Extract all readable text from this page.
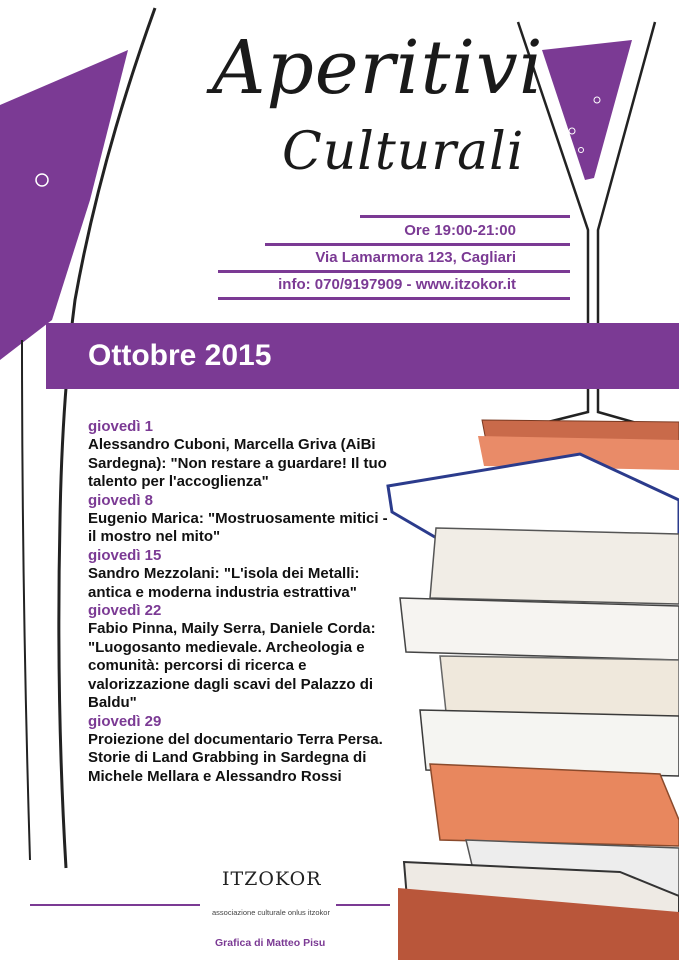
Aperitivi
Culturali
Ore 19:00-21:00
Via Lamarmora 123, Cagliari
info: 070/9197909 - www.itzokor.it
Ottobre 2015
giovedì 1
Alessandro Cuboni, Marcella Griva (AiBi Sardegna): "Non restare a guardare! Il tuo talento per l'accoglienza"
giovedì 8
Eugenio Marica: "Mostruosamente mitici - il mostro nel mito"
giovedì 15
Sandro Mezzolani: "L'isola dei Metalli: antica e moderna industria estrattiva"
giovedì 22
Fabio Pinna, Maily Serra, Daniele Corda: "Luogosanto medievale. Archeologia e comunità: percorsi di ricerca e valorizzazione dagli scavi del Palazzo di Baldu"
giovedì 29
Proiezione del documentario Terra Persa. Storie di Land Grabbing in Sardegna di Michele Mellara e Alessandro Rossi
ITZOKOR
associazione culturale onlus itzokor
Grafica di Matteo Pisu
